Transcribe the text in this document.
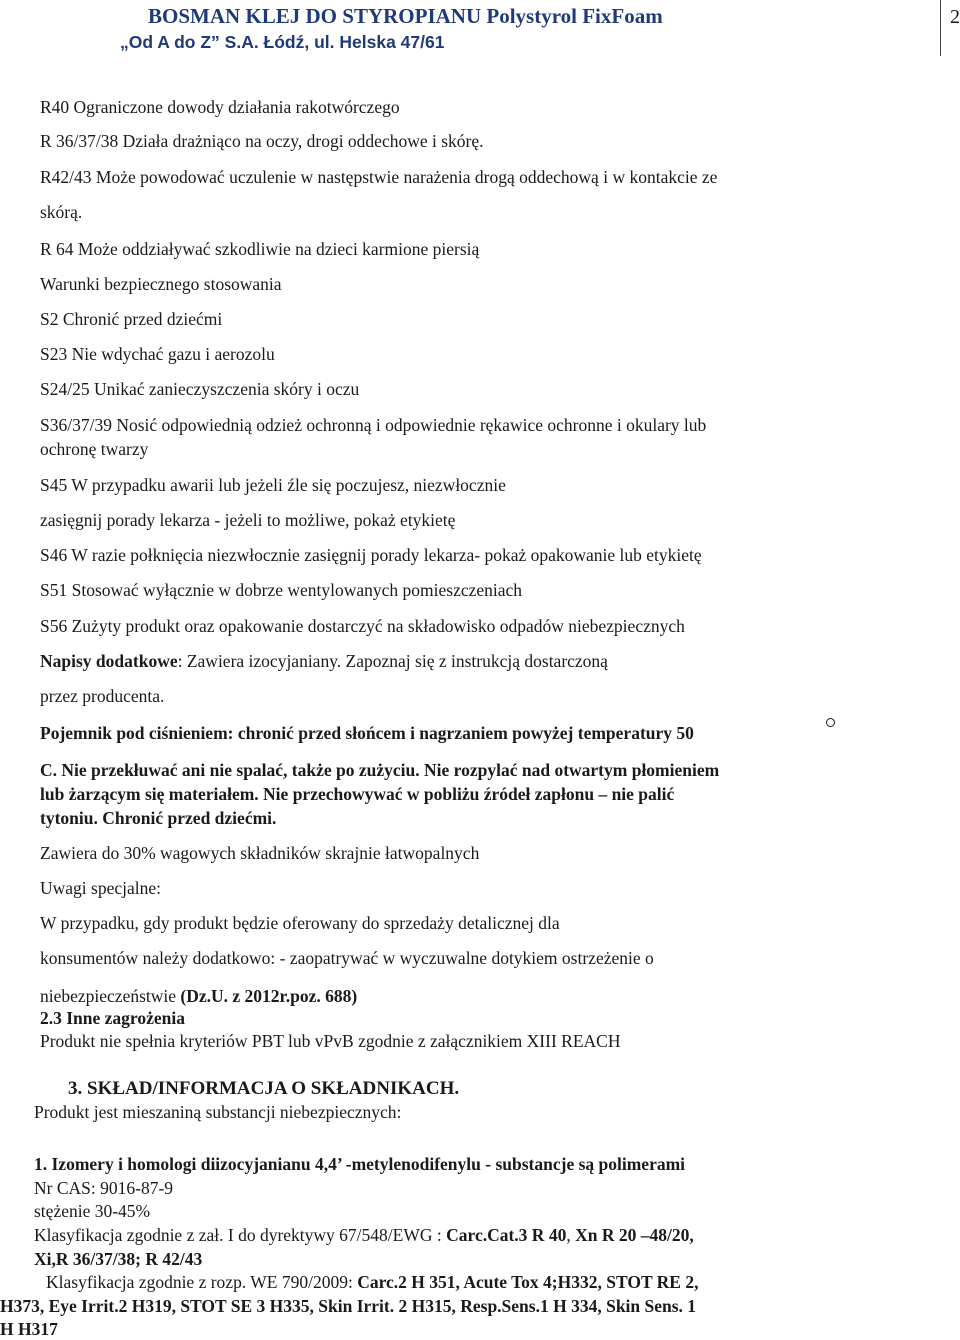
BOSMAN KLEJ DO STYROPIANU Polystyrol FixFoam
„Od A do Z” S.A. Łódź, ul. Helska 47/61
2
R40 Ograniczone dowody działania rakotwórczego
R 36/37/38 Działa drażniąco na oczy, drogi oddechowe i skórę.
R42/43 Może powodować uczulenie w następstwie narażenia drogą oddechową i w kontakcie ze
skórą.
R 64 Może oddziaływać szkodliwie na dzieci karmione piersią
Warunki bezpiecznego stosowania
S2 Chronić przed dziećmi
S23 Nie wdychać gazu i aerozolu
S24/25 Unikać zanieczyszczenia skóry i oczu
S36/37/39 Nosić odpowiednią odzież ochronną i odpowiednie rękawice ochronne i okulary lub
ochronę twarzy
S45 W przypadku awarii lub jeżeli źle się poczujesz, niezwłocznie
zasięgnij porady lekarza - jeżeli to możliwe, pokaż etykietę
S46 W razie połknięcia niezwłocznie zasięgnij porady lekarza- pokaż opakowanie lub etykietę
S51 Stosować wyłącznie w dobrze wentylowanych pomieszczeniach
S56 Zużyty produkt oraz opakowanie dostarczyć na składowisko odpadów niebezpiecznych
Napisy dodatkowe: Zawiera izocyjaniany. Zapoznaj się z instrukcją dostarczoną
przez producenta.
Pojemnik pod ciśnieniem: chronić przed słońcem i nagrzaniem powyżej temperatury 50
C. Nie przekłuwać ani nie spalać, także po zużyciu. Nie rozpylać nad otwartym płomieniem
lub żarzącym się materiałem. Nie przechowywać w pobliżu źródeł zapłonu – nie palić
tytoniu. Chronić przed dziećmi.
Zawiera do 30% wagowych składników skrajnie łatwopalnych
Uwagi specjalne:
W przypadku, gdy produkt będzie oferowany do sprzedaży detalicznej dla
konsumentów należy dodatkowo: - zaopatrywać w wyczuwalne dotykiem ostrzeżenie o
niebezpieczeństwie (Dz.U. z 2012r.poz. 688)
2.3 Inne zagrożenia
Produkt nie spełnia kryteriów PBT lub vPvB zgodnie z załącznikiem XIII REACH
3. SKŁAD/INFORMACJA O SKŁADNIKACH.
Produkt jest mieszaniną substancji niebezpiecznych:
1. Izomery i homologi diizocyjanianu 4,4’ -metylenodifenylu - substancje są polimerami
Nr CAS: 9016-87-9
stężenie 30-45%
Klasyfikacja zgodnie z zał. I do dyrektywy 67/548/EWG : Carc.Cat.3 R 40, Xn R 20 –48/20,
Xi,R 36/37/38; R 42/43
Klasyfikacja zgodnie z rozp. WE 790/2009: Carc.2 H 351, Acute Tox 4;H332, STOT RE 2,
H373, Eye Irrit.2 H319, STOT SE 3 H335, Skin Irrit. 2 H315, Resp.Sens.1 H 334, Skin Sens. 1
H H317
